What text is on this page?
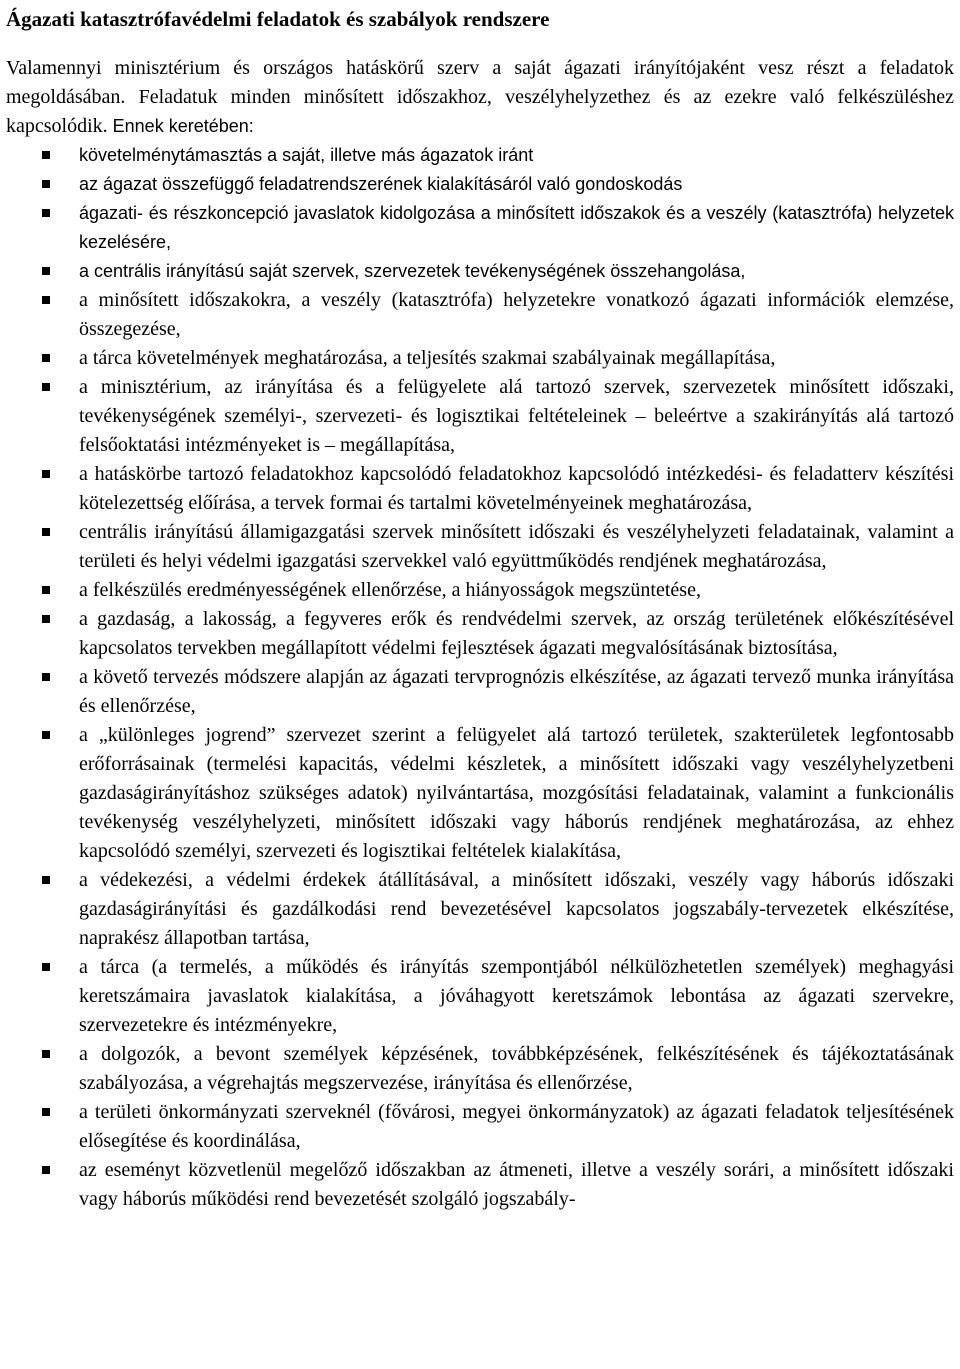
Ágazati katasztrófavédelmi feladatok és szabályok rendszere

Valamennyi minisztérium és országos hatáskörű szerv a saját ágazati irányítójaként vesz részt a feladatok megoldásában. Feladatuk minden minősített időszakhoz, veszélyhelyzethez és az ezekre való felkészüléshez kapcsolódik. Ennek keretében:

követelménytámasztás a saját, illetve más ágazatok iránt
az ágazat összefüggő feladatrendszerének kialakításáról való gondoskodás
ágazati- és részkoncepció javaslatok kidolgozása a minősített időszakok és a veszély (katasztrófa) helyzetek kezelésére,
a centrális irányítású saját szervek, szervezetek tevékenységének összehangolása,
a minősített időszakokra, a veszély (katasztrófa) helyzetekre vonatkozó ágazati információk elemzése, összegezése,
a tárca követelmények meghatározása, a teljesítés szakmai szabályainak megállapítása,
a minisztérium, az irányítása és a felügyelete alá tartozó szervek, szervezetek minősített időszaki, tevékenységének személyi-, szervezeti- és logisztikai feltételeinek – beleértve a szakirányítás alá tartozó felsőoktatási intézményeket is – megállapítása,
a hatáskörbe tartozó feladatokhoz kapcsolódó feladatokhoz kapcsolódó intézkedési- és feladatterv készítési kötelezettség előírása, a tervek formai és tartalmi követelményeinek meghatározása,
centrális irányítású államigazgatási szervek minősített időszaki és veszélyhelyzeti feladatainak, valamint a területi és helyi védelmi igazgatási szervekkel való együttműködés rendjének meghatározása,
a felkészülés eredményességének ellenőrzése, a hiányosságok megszüntetése,
a gazdaság, a lakosság, a fegyveres erők és rendvédelmi szervek, az ország területének előkészítésével kapcsolatos tervekben megállapított védelmi fejlesztések ágazati megvalósításának biztosítása,
a követő tervezés módszere alapján az ágazati tervprognózis elkészítése, az ágazati tervező munka irányítása és ellenőrzése,
a „különleges jogrend” szervezet szerint a felügyelet alá tartozó területek, szakterületek legfontosabb erőforrásainak (termelési kapacitás, védelmi készletek, a minősített időszaki vagy veszélyhelyzetbeni gazdaságirányításhoz szükséges adatok) nyilvántartása, mozgósítási feladatainak, valamint a funkcionális tevékenység veszélyhelyzeti, minősített időszaki vagy háborús rendjének meghatározása, az ehhez kapcsolódó személyi, szervezeti és logisztikai feltételek kialakítása,
a védekezési, a védelmi érdekek átállításával, a minősített időszaki, veszély vagy háborús időszaki gazdaságirányítási és gazdálkodási rend bevezetésével kapcsolatos jogszabály-tervezetek elkészítése, naprakész állapotban tartása,
a tárca (a termelés, a működés és irányítás szempontjából nélkülözhetetlen személyek) meghagyási keretszámaira javaslatok kialakítása, a jóváhagyott keretszámok lebontása az ágazati szervekre, szervezetekre és intézményekre,
a dolgozók, a bevont személyek képzésének, továbbképzésének, felkészítésének és tájékoztatásának szabályozása, a végrehajtás megszervezése, irányítása és ellenőrzése,
a területi önkormányzati szerveknél (fővárosi, megyei önkormányzatok) az ágazati feladatok teljesítésének elősegítése és koordinálása,
az eseményt közvetlenül megelőző időszakban az átmeneti, illetve a veszély sorári, a minősített időszaki vagy háborús működési rend bevezetését szolgáló jogszabály-
